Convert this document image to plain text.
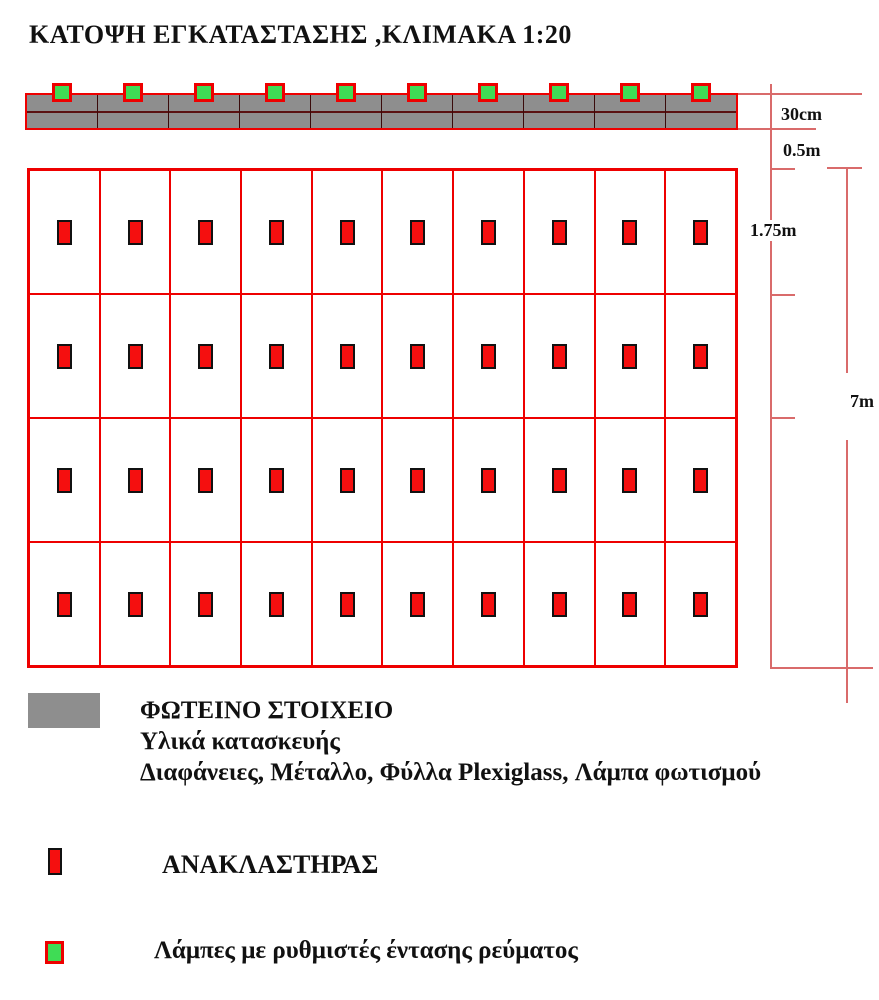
ΚΑΤΟΨΗ ΕΓΚΑΤΑΣΤΑΣΗΣ ,ΚΛΙΜΑΚΑ 1:20
30cm
0.5m
1.75m
7m
ΦΩΤΕΙΝΟ ΣΤΟΙΧΕΙΟ
Υλικά κατασκευής
Διαφάνειες, Μέταλλο, Φύλλα Plexiglass, Λάμπα φωτισμού
ΑΝΑΚΛΑΣΤΗΡΑΣ
Λάμπες με ρυθμιστές έντασης ρεύματος
